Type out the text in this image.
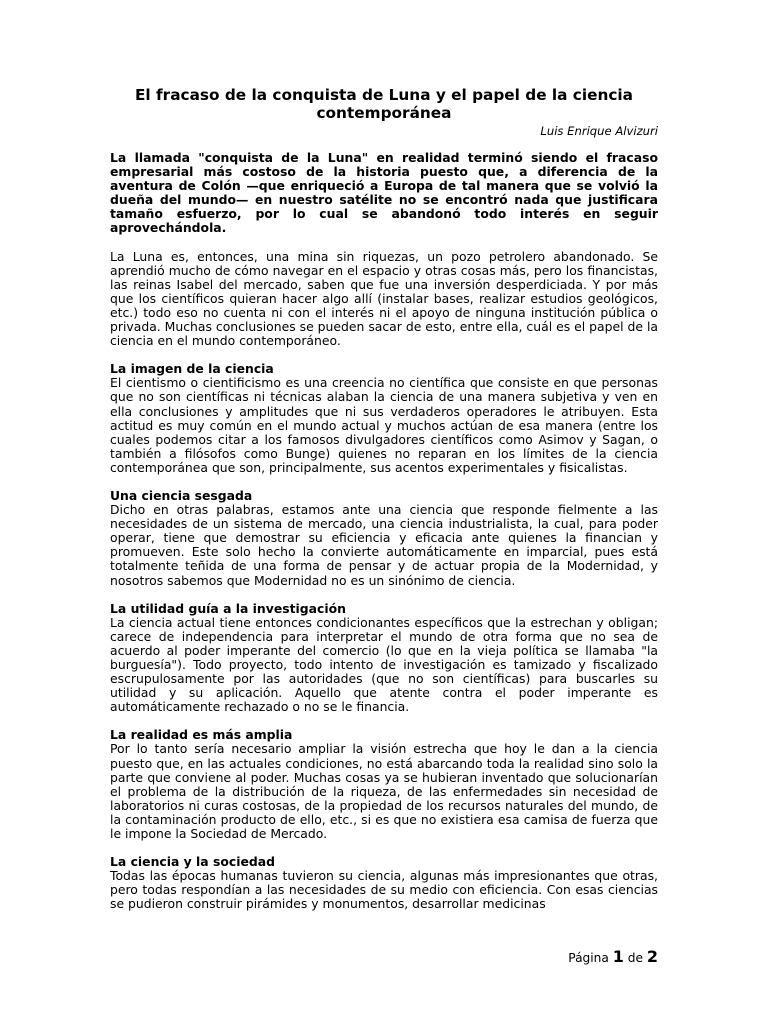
El fracaso de la conquista de Luna y el papel de la ciencia contemporánea

Luis Enrique Alvizuri

La llamada "conquista de la Luna" en realidad terminó siendo el fracaso empresarial más costoso de la historia puesto que, a diferencia de la aventura de Colón —que enriqueció a Europa de tal manera que se volvió la dueña del mundo— en nuestro satélite no se encontró nada que justificara tamaño esfuerzo, por lo cual se abandonó todo interés en seguir aprovechándola.

La Luna es, entonces, una mina sin riquezas, un pozo petrolero abandonado. Se aprendió mucho de cómo navegar en el espacio y otras cosas más, pero los financistas, las reinas Isabel del mercado, saben que fue una inversión desperdiciada. Y por más que los científicos quieran hacer algo allí (instalar bases, realizar estudios geológicos, etc.) todo eso no cuenta ni con el interés ni el apoyo de ninguna institución pública o privada. Muchas conclusiones se pueden sacar de esto, entre ella, cuál es el papel de la ciencia en el mundo contemporáneo.

La imagen de la ciencia

El cientismo o cientificismo es una creencia no científica que consiste en que personas que no son científicas ni técnicas alaban la ciencia de una manera subjetiva y ven en ella conclusiones y amplitudes que ni sus verdaderos operadores le atribuyen. Esta actitud es muy común en el mundo actual y muchos actúan de esa manera (entre los cuales podemos citar a los famosos divulgadores científicos como Asimov y Sagan, o también a filósofos como Bunge) quienes no reparan en los límites de la ciencia contemporánea que son, principalmente, sus acentos experimentales y fisicalistas.

Una ciencia sesgada

Dicho en otras palabras, estamos ante una ciencia que responde fielmente a las necesidades de un sistema de mercado, una ciencia industrialista, la cual, para poder operar, tiene que demostrar su eficiencia y eficacia ante quienes la financian y promueven. Este solo hecho la convierte automáticamente en imparcial, pues está totalmente teñida de una forma de pensar y de actuar propia de la Modernidad, y nosotros sabemos que Modernidad no es un sinónimo de ciencia.

La utilidad guía a la investigación

La ciencia actual tiene entonces condicionantes específicos que la estrechan y obligan; carece de independencia para interpretar el mundo de otra forma que no sea de acuerdo al poder imperante del comercio (lo que en la vieja política se llamaba "la burguesía"). Todo proyecto, todo intento de investigación es tamizado y fiscalizado escrupulosamente por las autoridades (que no son científicas) para buscarles su utilidad y su aplicación. Aquello que atente contra el poder imperante es automáticamente rechazado o no se le financia.

La realidad es más amplia

Por lo tanto sería necesario ampliar la visión estrecha que hoy le dan a la ciencia puesto que, en las actuales condiciones, no está abarcando toda la realidad sino solo la parte que conviene al poder. Muchas cosas ya se hubieran inventado que solucionarían el problema de la distribución de la riqueza, de las enfermedades sin necesidad de laboratorios ni curas costosas, de la propiedad de los recursos naturales del mundo, de la contaminación producto de ello, etc., si es que no existiera esa camisa de fuerza que le impone la Sociedad de Mercado.

La ciencia y la sociedad

Todas las épocas humanas tuvieron su ciencia, algunas más impresionantes que otras, pero todas respondían a las necesidades de su medio con eficiencia. Con esas ciencias se pudieron construir pirámides y monumentos, desarrollar medicinas

Página 1 de 2
